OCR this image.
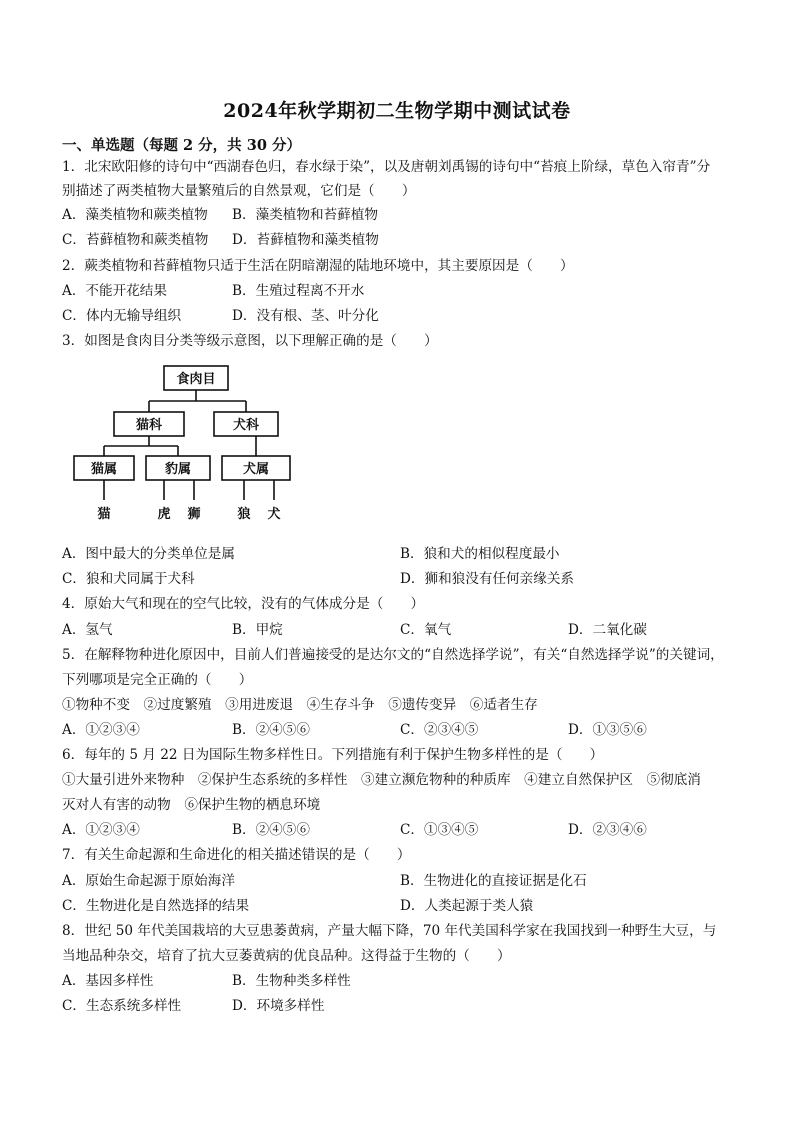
2024年秋学期初二生物学期中测试试卷
一、单选题（每题 2 分，共 30 分）
1．北宋欧阳修的诗句中“西湖春色归，春水绿于染”，以及唐朝刘禹锡的诗句中“苔痕上阶绿，草色入帘青”分
别描述了两类植物大量繁殖后的自然景观，它们是（　　）
A．藻类植物和蕨类植物 B．藻类植物和苔藓植物
C．苔藓植物和蕨类植物 D．苔藓植物和藻类植物
2．蕨类植物和苔藓植物只适于生活在阴暗潮湿的陆地环境中，其主要原因是（　　）
A．不能开花结果	B．生殖过程离不开水
C．体内无输导组织	D．没有根、茎、叶分化
3．如图是食肉目分类等级示意图，以下理解正确的是（　　）
食肉目
猫科	犬科
猫属	豹属	犬属
猫	虎 狮	狼 犬
A．图中最大的分类单位是属	B．狼和犬的相似程度最小
C．狼和犬同属于犬科	D．狮和狼没有任何亲缘关系
4．原始大气和现在的空气比较，没有的气体成分是（　　）
A．氢气	B．甲烷	C．氧气	D．二氧化碳
5．在解释物种进化原因中，目前人们普遍接受的是达尔文的“自然选择学说”，有关“自然选择学说”的关键词，
下列哪项是完全正确的（　　）
①物种不变　②过度繁殖　③用进废退　④生存斗争　⑤遗传变异　⑥适者生存
A．①②③④	B．②④⑤⑥	C．②③④⑤	D．①③⑤⑥
6．每年的 5 月 22 日为国际生物多样性日。下列措施有利于保护生物多样性的是（　　）
①大量引进外来物种　②保护生态系统的多样性　③建立濒危物种的种质库　④建立自然保护区　⑤彻底消
灭对人有害的动物　⑥保护生物的栖息环境
A．①②③④	B．②④⑤⑥	C．①③④⑤	D．②③④⑥
7．有关生命起源和生命进化的相关描述错误的是（　　）
A．原始生命起源于原始海洋	B．生物进化的直接证据是化石
C．生物进化是自然选择的结果	D．人类起源于类人猿
8．世纪 50 年代美国栽培的大豆患萎黄病，产量大幅下降，70 年代美国科学家在我国找到一种野生大豆，与
当地品种杂交，培育了抗大豆萎黄病的优良品种。这得益于生物的（　　）
A．基因多样性	B．生物种类多样性
C．生态系统多样性	D．环境多样性
